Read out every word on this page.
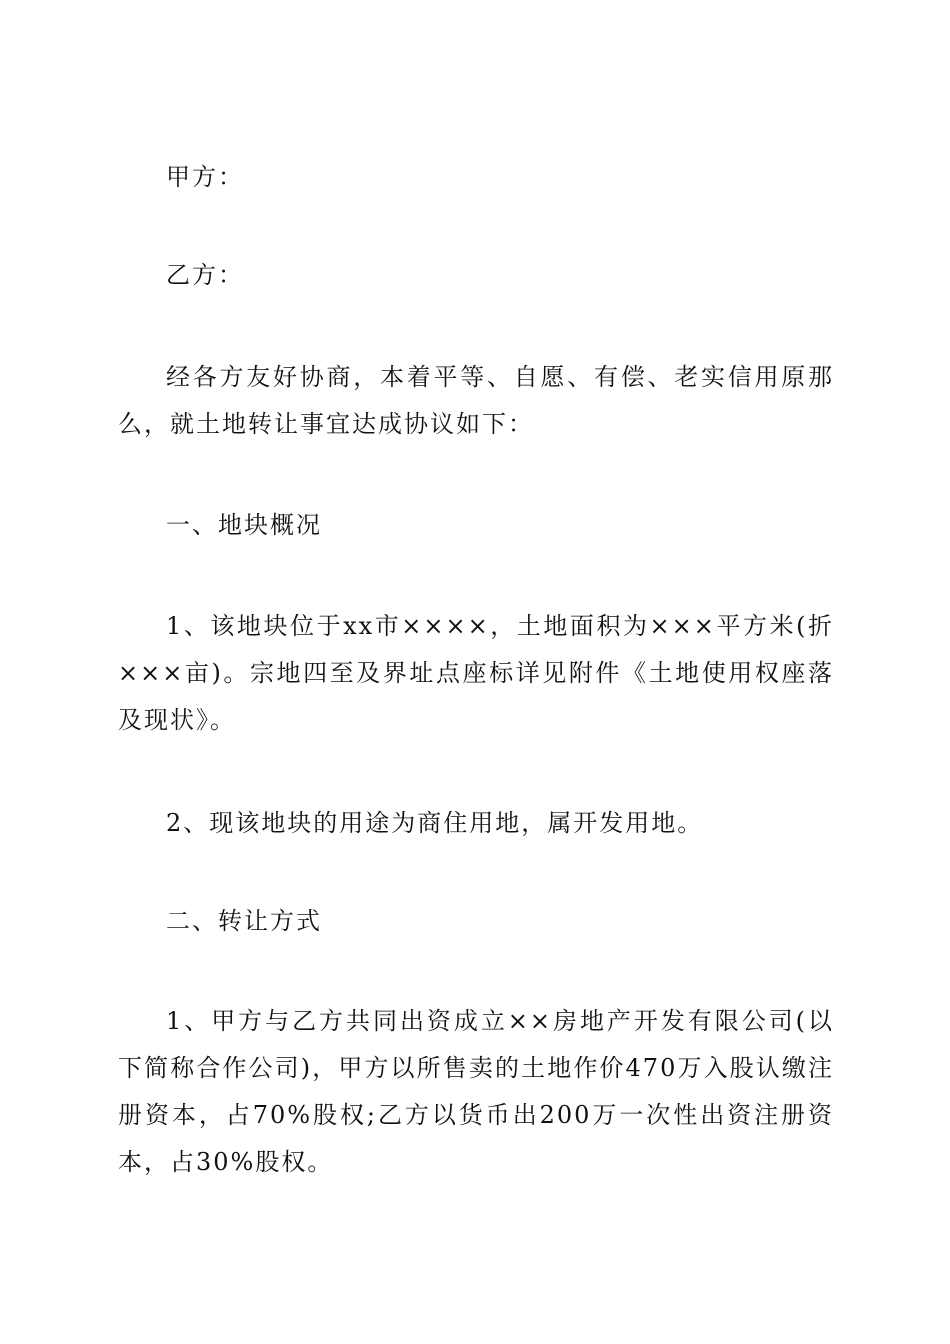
甲方：

乙方：

经各方友好协商，本着平等、自愿、有偿、老实信用原那么，就土地转让事宜达成协议如下：

一、地块概况

1、该地块位于xx市××××，土地面积为×××平方米(折×××亩)。宗地四至及界址点座标详见附件《土地使用权座落及现状》。

2、现该地块的用途为商住用地，属开发用地。

二、转让方式

1、甲方与乙方共同出资成立××房地产开发有限公司(以下简称合作公司)，甲方以所售卖的土地作价470万入股认缴注册资本，占70%股权;乙方以货币出200万一次性出资注册资本，占30%股权。
